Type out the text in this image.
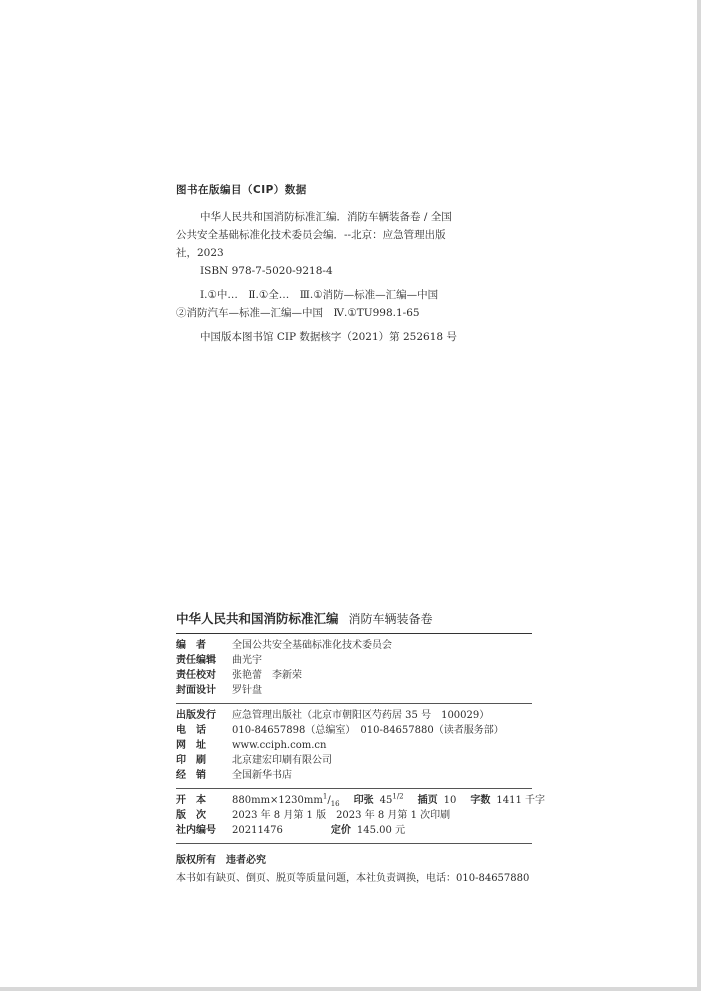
图书在版编目（CIP）数据
中华人民共和国消防标准汇编．消防车辆装备卷 / 全国
公共安全基础标准化技术委员会编．--北京：应急管理出版
社，2023
ISBN 978-7-5020-9218-4
Ⅰ.①中…　Ⅱ.①全…　Ⅲ.①消防—标准—汇编—中国
②消防汽车—标准—汇编—中国　Ⅳ.①TU998.1-65
中国版本图书馆 CIP 数据核字（2021）第 252618 号
中华人民共和国消防标准汇编 消防车辆装备卷
编　者	全国公共安全基础标准化技术委员会
责任编辑	曲光宇
责任校对	张艳蕾　李新荣
封面设计	罗针盘
出版发行	应急管理出版社（北京市朝阳区芍药居 35 号　100029）
电　话	010-84657898（总编室）　010-84657880（读者服务部）
网　址	www.cciph.com.cn
印　刷	北京建宏印刷有限公司
经　销	全国新华书店
开　本	$880mm\times 1230mm^1/_{16}$ 印张 $45^{1/2}$ 插页 10 字数 1411 千字
版　次	2023 年 8 月第 1 版　2023 年 8 月第 1 次印刷
社内编号	20211476	定价 145.00 元
版权所有 违者必究
本书如有缺页、倒页、脱页等质量问题，本社负责调换，电话：010-84657880
